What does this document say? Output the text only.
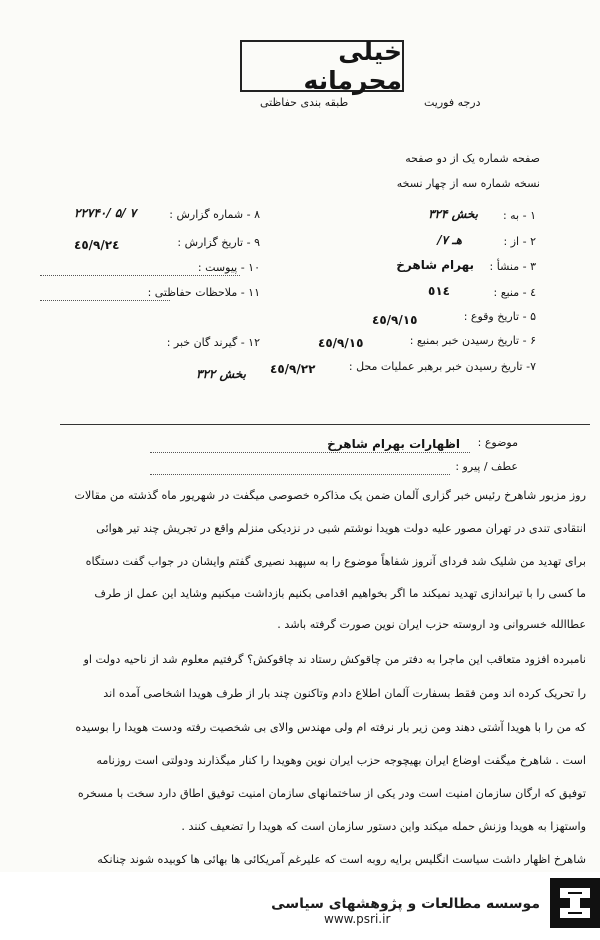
خیلی محرمانه
درجه فوریت
طبقه بندی حفاظتی
صفحه شماره یک از دو صفحه
نسخه شماره سه از چهار نسخه
۱ - به :
بخش ۳۲۴
۲ - از :
هـ ۷/
۳ - منشأ :
بهرام شاهرخ
٤ - منبع :
٥١٤
۵ - تاریخ وقوع :
٤٥/٩/١٥
۶ - تاریخ رسیدن خبر بمنبع :
٤٥/٩/١٥
۷- تاریخ رسیدن خبر برهبر عملیات محل :
٤٥/٩/٢٢
۸ - شماره گزارش :
۲۲۷۴۰/ ۵/ ۷
۹ - تاریخ گزارش :
٤٥/٩/٢٤
۱۰ - پیوست :
۱۱ - ملاحظات حفاظتی :
۱۲ - گیرند گان خبر :
بخش ۳۲۲
موضوع :
اظهارات بهرام شاهرخ
عطف / پیرو :
روز مزبور شاهرخ رئیس خبر گزاری آلمان ضمن یک مذاکره خصوصی میگفت در شهریور ماه گذشته من مقالات
انتقادی تندی در تهران مصور علیه دولت هویدا نوشتم شبی در نزدیکی منزلم واقع در تجریش چند تیر هوائی
برای تهدید من شلیک شد فردای آنروز شفاهاً موضوع را به سپهبد نصیری گفتم وایشان در جواب گفت دستگاه
ما کسی را با تیراندازی تهدید نمیکند ما اگر بخواهیم اقدامی بکنیم بازداشت میکنیم وشاید این عمل از طرف
عطاالله خسروانی ود اروسته حزب ایران نوین صورت گرفته باشد .
نامبرده افزود متعاقب این ماجرا به دفتر من چاقوکش رستاد ند چاقوکش؟ گرفتیم معلوم شد از ناحیه دولت او
را تحریک کرده اند ومن فقط بسفارت آلمان اطلاع دادم وتاکنون چند بار از طرف هویدا اشخاصی آمده اند
که من را با هویدا آشتی دهند ومن زیر بار نرفته ام ولی مهندس والای بی شخصیت رفته ودست هویدا را بوسیده
است . شاهرخ میگفت اوضاع ایران بهیچوجه حزب ایران نوین وهویدا را کنار میگذارند ودولتی است روزنامه
توفیق که ارگان سازمان امنیت است ودر یکی از ساختمانهای سازمان امنیت توفیق اطاق دارد سخت با مسخره
واستهزا به هویدا وزنش حمله میکند واین دستور سازمان است که هویدا را تضعیف کنند .
شاهرخ اظهار داشت سیاست انگلیس برایه روبه است که علیرغم آمریکائی ها بهائی ها کوبیده شوند چنانکه
موسسه مطالعات و پژوهشهای سیاسی
www.psri.ir
